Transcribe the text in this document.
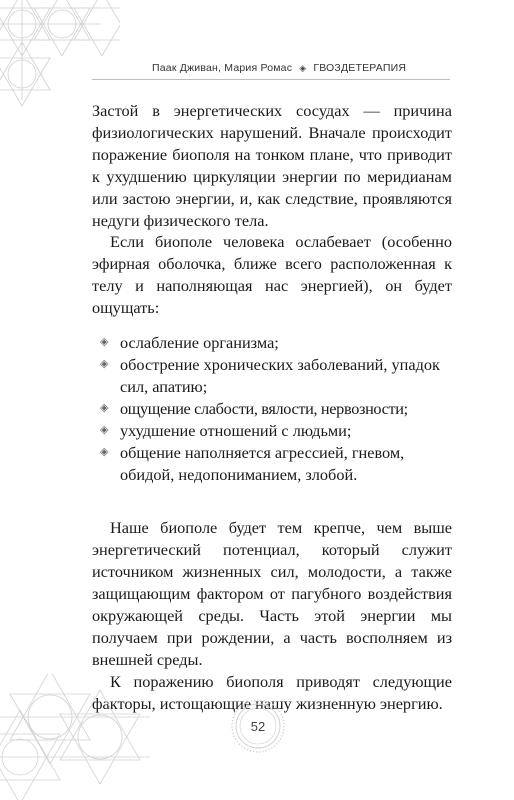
Паак Дживан, Мария Ромас ◈ ГВОЗДЕТЕРАПИЯ

Застой в энергетических сосудах — причина физиологических нарушений. Вначале происходит поражение биополя на тонком плане, что приводит к ухудшению циркуляции энергии по меридианам или застою энергии, и, как следствие, проявляются недуги физического тела.

Если биополе человека ослабевает (особенно эфирная оболочка, ближе всего расположенная к телу и наполняющая нас энергией), он будет ощущать:

◈ ослабление организма;
◈ обострение хронических заболеваний, упадок сил, апатию;
◈ ощущение слабости, вялости, нервозности;
◈ ухудшение отношений с людьми;
◈ общение наполняется агрессией, гневом, обидой, недопониманием, злобой.

Наше биополе будет тем крепче, чем выше энергетический потенциал, который служит источником жизненных сил, молодости, а также защищающим фактором от пагубного воздействия окружающей среды. Часть этой энергии мы получаем при рождении, а часть восполняем из внешней среды.

К поражению биополя приводят следующие факторы, истощающие нашу жизненную энергию.

52
